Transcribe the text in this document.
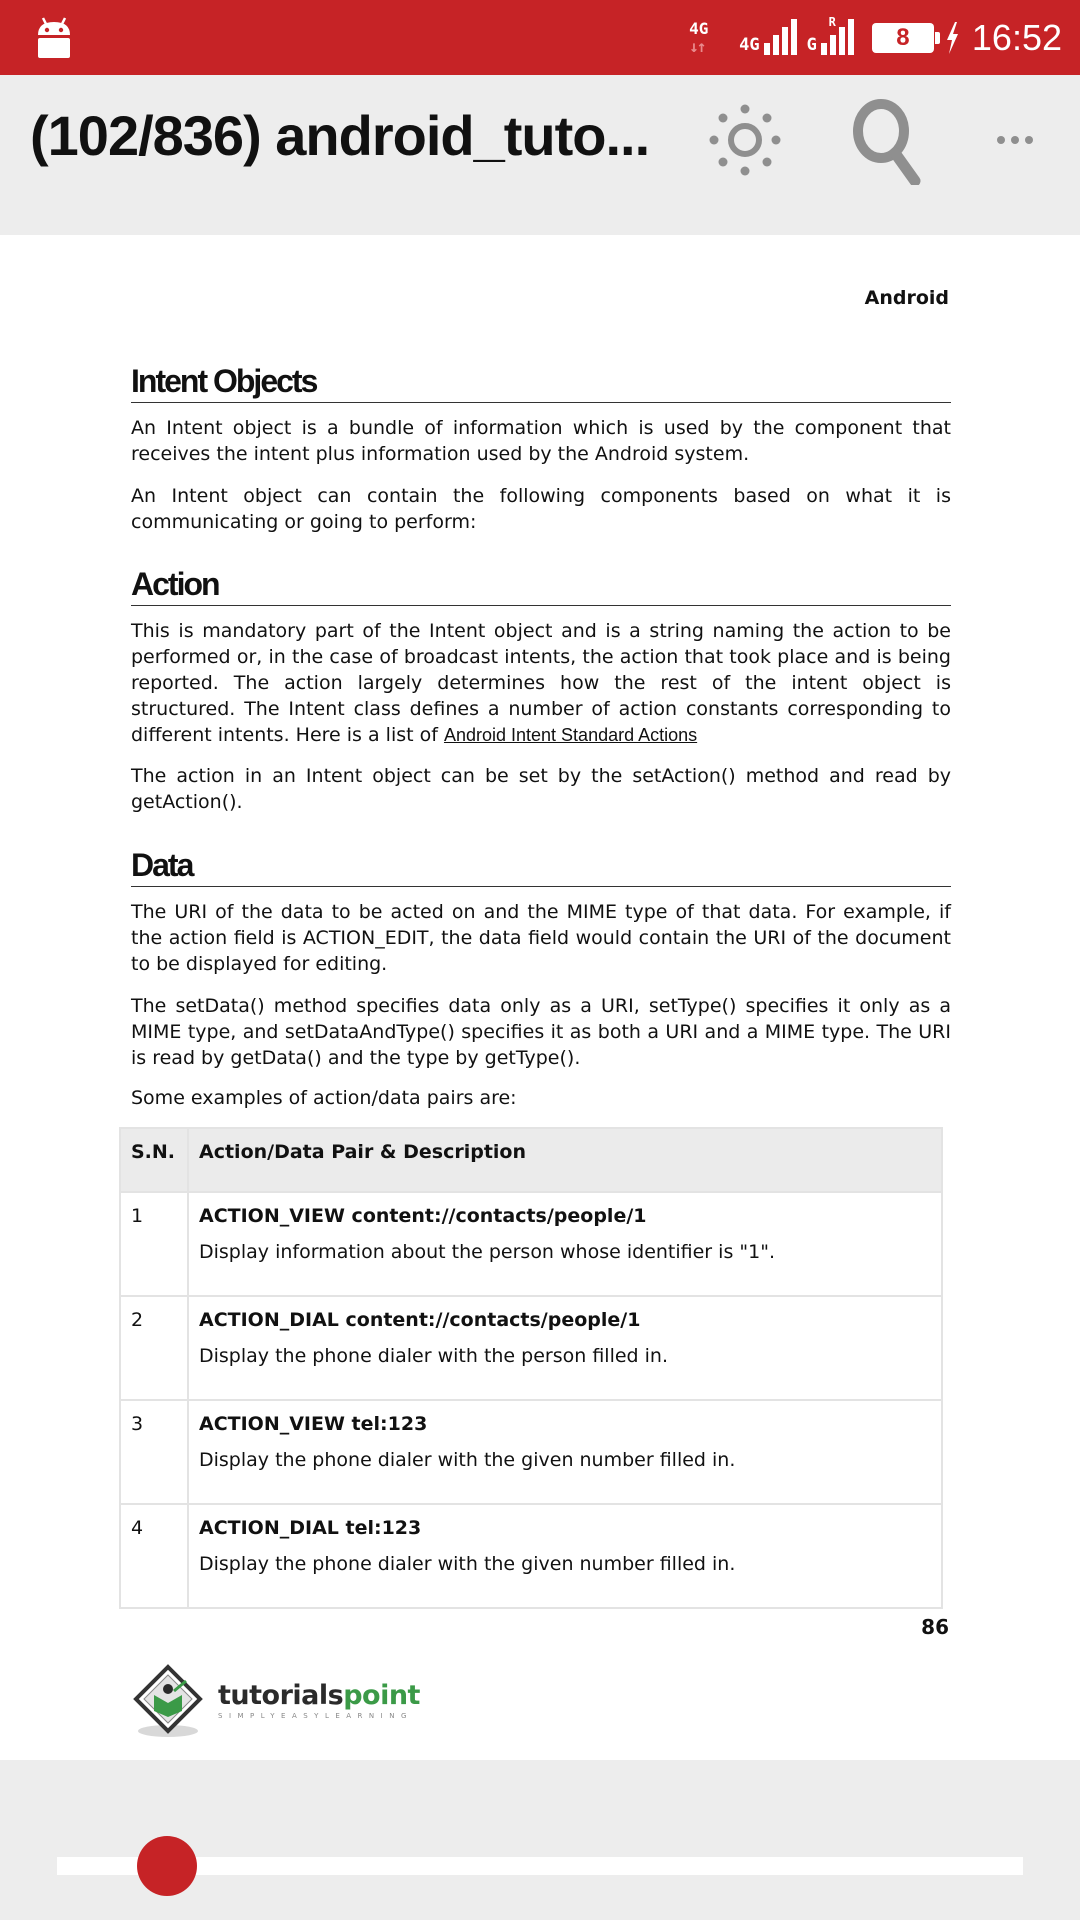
4G
↓↑ 4G	G
R
8 16:52
(102/836) android_tuto...
Android
Intent Objects

An Intent object is a bundle of information which is used by the component that receives the intent plus information used by the Android system.

An Intent object can contain the following components based on what it is communicating or going to perform:

Action

This is mandatory part of the Intent object and is a string naming the action to be performed or, in the case of broadcast intents, the action that took place and is being reported. The action largely determines how the rest of the intent object is structured. The Intent class defines a number of action constants corresponding to different intents. Here is a list of Android Intent Standard Actions

The action in an Intent object can be set by the setAction() method and read by getAction().

Data

The URI of the data to be acted on and the MIME type of that data. For example, if the action field is ACTION_EDIT, the data field would contain the URI of the document to be displayed for editing.

The setData() method specifies data only as a URI, setType() specifies it only as a MIME type, and setDataAndType() specifies it as both a URI and a MIME type. The URI is read by getData() and the type by getType().

Some examples of action/data pairs are:

S.N.	Action/Data Pair & Description
1	ACTION_VIEW content://contacts/people/1
Display information about the person whose identifier is "1".

2	ACTION_DIAL content://contacts/people/1
Display the phone dialer with the person filled in.

3	ACTION_VIEW tel:123
Display the phone dialer with the given number filled in.

4	ACTION_DIAL tel:123
Display the phone dialer with the given number filled in.
86
tutorialspoint
SIMPLYEASYLEARNING
